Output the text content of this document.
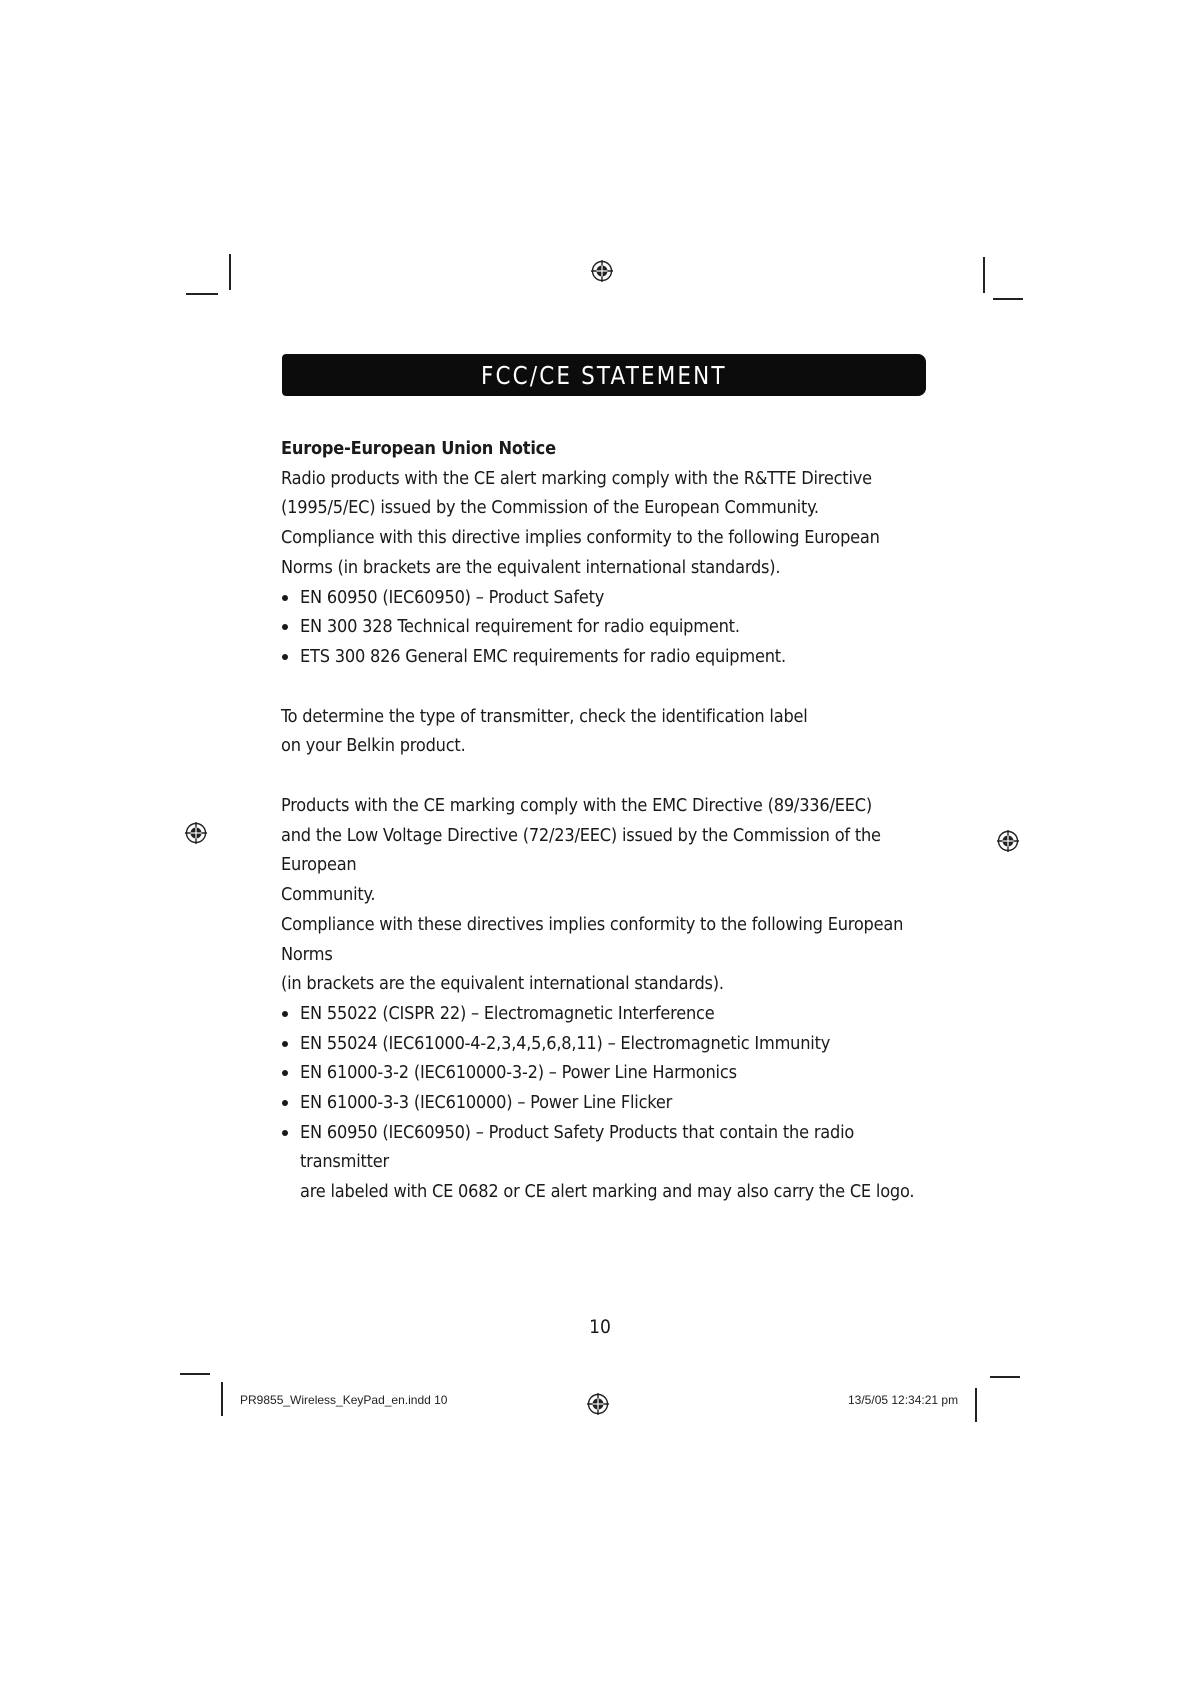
FCC/CE STATEMENT

Europe-European Union Notice

Radio products with the CE alert marking comply with the R&TTE Directive

(1995/5/EC) issued by the Commission of the European Community.

Compliance with this directive implies conformity to the following European

Norms (in brackets are the equivalent international standards).

EN 60950 (IEC60950) – Product Safety
EN 300 328 Technical requirement for radio equipment.
ETS 300 826 General EMC requirements for radio equipment.

To determine the type of transmitter, check the identification label

on your Belkin product.

Products with the CE marking comply with the EMC Directive (89/336/EEC)

and the Low Voltage Directive (72/23/EEC) issued by the Commission of the European

Community.

Compliance with these directives implies conformity to the following European Norms

(in brackets are the equivalent international standards).

EN 55022 (CISPR 22) – Electromagnetic Interference
EN 55024 (IEC61000-4-2,3,4,5,6,8,11) – Electromagnetic Immunity
EN 61000-3-2 (IEC610000-3-2) – Power Line Harmonics
EN 61000-3-3 (IEC610000) – Power Line Flicker
EN 60950 (IEC60950) – Product Safety Products that contain the radio transmitter
are labeled with CE 0682 or CE alert marking and may also carry the CE logo.
10
PR9855_Wireless_KeyPad_en.indd 10	13/5/05 12:34:21 pm
